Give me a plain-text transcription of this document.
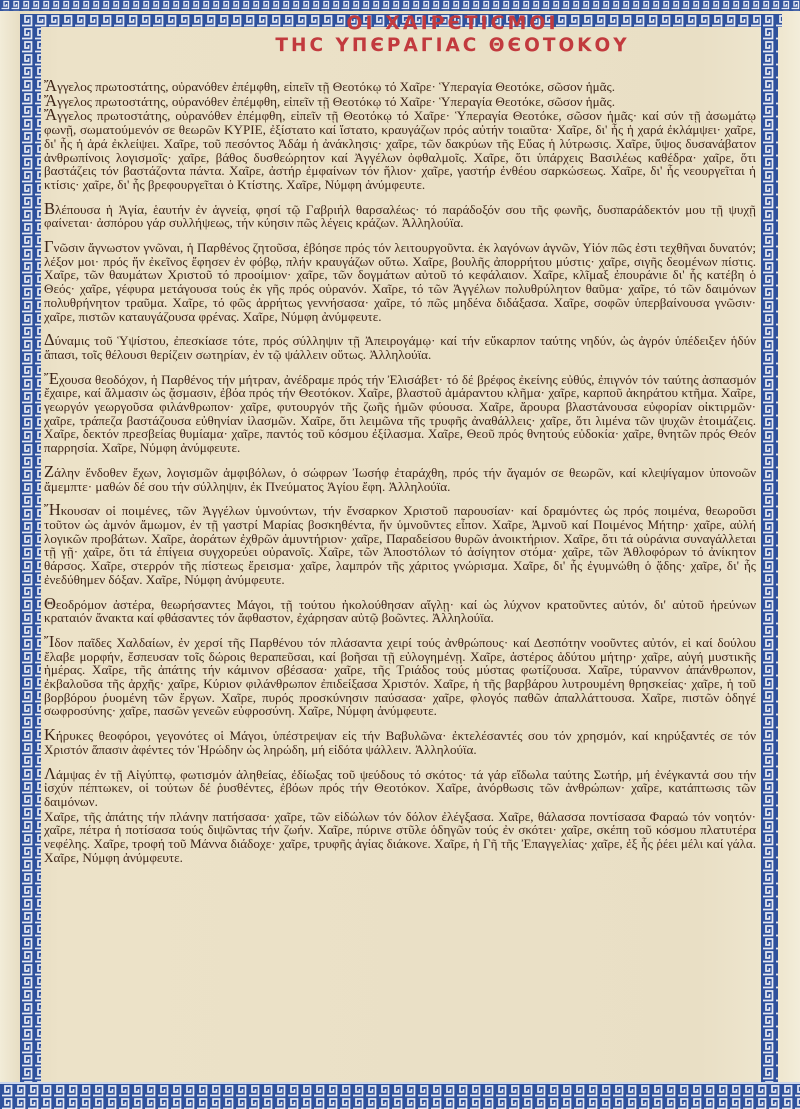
ΟΙ ΧΑΙΡЄΤΙCΜΟΙ
ΤΗC ΥΠЄΡΑΓΙΑC ΘЄΟΤΟΚΟΥ
Ἄγγελος πρωτοστάτης, οὐρανόθεν ἐπέμφθη, εἰπεῖν τῇ Θεοτόκῳ τό Χαῖρε· Ὑπεραγία Θεοτόκε, σῶσον ἡμᾶς.
Ἄγγελος πρωτοστάτης, οὐρανόθεν ἐπέμφθη, εἰπεῖν τῇ Θεοτόκῳ τό Χαῖρε· Ὑπεραγία Θεοτόκε, σῶσον ἡμᾶς.
Ἄγγελος πρωτοστάτης, οὐρανόθεν ἐπέμφθη, εἰπεῖν τῇ Θεοτόκῳ τό Χαῖρε· Ὑπεραγία Θεοτόκε, σῶσον ἡμᾶς· καί σύν τῇ ἀσωμάτῳ φωνῇ, σωματούμενόν σε θεωρῶν ΚΥΡΙΕ, ἐξίστατο καί ἵστατο, κραυγάζων πρός αὐτήν τοιαῦτα· Χαῖρε, δι' ἧς ἡ χαρά ἐκλάμψει· χαῖρε, δι' ἧς ἡ ἀρά ἐκλείψει. Χαῖρε, τοῦ πεσόντος Ἀδάμ ἡ ἀνάκλησις· χαῖρε, τῶν δακρύων τῆς Εὔας ἡ λύτρωσις. Χαῖρε, ὕψος δυσανάβατον ἀνθρωπίνοις λογισμοῖς· χαῖρε, βάθος δυσθεώρητον καί Ἀγγέλων ὀφθαλμοῖς. Χαῖρε, ὅτι ὑπάρχεις Βασιλέως καθέδρα· χαῖρε, ὅτι βαστάζεις τόν βαστάζοντα πάντα. Χαῖρε, ἀστήρ ἐμφαίνων τόν ἥλιον· χαῖρε, γαστήρ ἐνθέου σαρκώσεως. Χαῖρε, δι' ἧς νεουργεῖται ἡ κτίσις· χαῖρε, δι' ἧς βρεφουργεῖται ὁ Κτίστης. Χαῖρε, Νύμφη ἀνύμφευτε.
Βλέπουσα ἡ Ἁγία, ἑαυτήν ἐν ἁγνείᾳ, φησί τῷ Γαβριήλ θαρσαλέως· τό παράδοξόν σου τῆς φωνῆς, δυσπαράδεκτόν μου τῇ ψυχῇ φαίνεται· ἀσπόρου γάρ συλλήψεως, τήν κύησιν πῶς λέγεις κράζων. Ἀλληλούϊα.
Γνῶσιν ἄγνωστον γνῶναι, ἡ Παρθένος ζητοῦσα, ἐβόησε πρός τόν λειτουργοῦντα. ἐκ λαγόνων ἁγνῶν, Υἱόν πῶς ἐστι τεχθῆναι δυνατόν; λέξον μοι· πρός ἥν ἐκεῖνος ἔφησεν ἐν φόβῳ, πλήν κραυγάζων οὕτω. Χαῖρε, βουλῆς ἀπορρήτου μύστις· χαῖρε, σιγῆς δεομένων πίστις. Χαῖρε, τῶν θαυμάτων Χριστοῦ τό προοίμιον· χαῖρε, τῶν δογμάτων αὐτοῦ τό κεφάλαιον. Χαῖρε, κλῖμαξ ἐπουράνιε δι' ἧς κατέβη ὁ Θεός· χαῖρε, γέφυρα μετάγουσα τούς ἐκ γῆς πρός οὐρανόν. Χαῖρε, τό τῶν Ἀγγέλων πολυθρύλητον θαῦμα· χαῖρε, τό τῶν δαιμόνων πολυθρήνητον τραῦμα. Χαῖρε, τό φῶς ἀρρήτως γεννήσασα· χαῖρε, τό πῶς μηδένα διδάξασα. Χαῖρε, σοφῶν ὑπερβαίνουσα γνῶσιν· χαῖρε, πιστῶν καταυγάζουσα φρένας. Χαῖρε, Νύμφη ἀνύμφευτε.
Δύναμις τοῦ Ὑψίστου, ἐπεσκίασε τότε, πρός σύλληψιν τῇ Ἀπειρογάμῳ· καί τήν εὔκαρπον ταύτης νηδύν, ὡς ἀγρόν ὑπέδειξεν ἡδύν ἅπασι, τοῖς θέλουσι θερίζειν σωτηρίαν, ἐν τῷ ψάλλειν οὕτως. Ἀλληλούϊα.
Ἔχουσα θεοδόχον, ἡ Παρθένος τήν μήτραν, ἀνέδραμε πρός τήν Ἐλισάβετ· τό δέ βρέφος ἐκείνης εὐθύς, ἐπιγνόν τόν ταύτης ἀσπασμόν ἔχαιρε, καί ἅλμασιν ὡς ᾄσμασιν, ἐβόα πρός τήν Θεοτόκον. Χαῖρε, βλαστοῦ ἀμάραντου κλῆμα· χαῖρε, καρποῦ ἀκηράτου κτῆμα. Χαῖρε, γεωργόν γεωργοῦσα φιλάνθρωπον· χαῖρε, φυτουργόν τῆς ζωῆς ἡμῶν φύουσα. Χαῖρε, ἄρουρα βλαστάνουσα εὐφορίαν οἰκτιρμῶν· χαῖρε, τράπεζα βαστάζουσα εὐθηνίαν ἱλασμῶν. Χαῖρε, ὅτι λειμῶνα τῆς τρυφῆς ἀναθάλλεις· χαῖρε, ὅτι λιμένα τῶν ψυχῶν ἑτοιμάζεις. Χαῖρε, δεκτόν πρεσβείας θυμίαμα· χαῖρε, παντός τοῦ κόσμου ἐξίλασμα. Χαῖρε, Θεοῦ πρός θνητούς εὐδοκία· χαῖρε, θνητῶν πρός Θεόν παρρησία. Χαῖρε, Νύμφη ἀνύμφευτε.
Ζάλην ἔνδοθεν ἔχων, λογισμῶν ἀμφιβόλων, ὁ σώφρων Ἰωσήφ ἐταράχθη, πρός τήν ἄγαμόν σε θεωρῶν, καί κλεψίγαμον ὑπονοῶν ἄμεμπτε· μαθών δέ σου τήν σύλληψιν, ἐκ Πνεύματος Ἁγίου ἔφη. Ἀλληλούϊα.
Ἤκουσαν οἱ ποιμένες, τῶν Ἀγγέλων ὑμνούντων, τήν ἔνσαρκον Χριστοῦ παρουσίαν· καί δραμόντες ὡς πρός ποιμένα, θεωροῦσι τοῦτον ὡς ἀμνόν ἄμωμον, ἐν τῇ γαστρί Μαρίας βοσκηθέντα, ἥν ὑμνοῦντες εἶπον. Χαῖρε, Ἀμνοῦ καί Ποιμένος Μήτηρ· χαῖρε, αὐλή λογικῶν προβάτων. Χαῖρε, ἀοράτων ἐχθρῶν ἀμυντήριον· χαῖρε, Παραδείσου θυρῶν ἀνοικτήριον. Χαῖρε, ὅτι τά οὐράνια συναγάλλεται τῇ γῇ· χαῖρε, ὅτι τά ἐπίγεια συγχορεύει οὐρανοῖς. Χαῖρε, τῶν Ἀποστόλων τό ἀσίγητον στόμα· χαῖρε, τῶν Ἀθλοφόρων τό ἀνίκητον θάρσος. Χαῖρε, στερρόν τῆς πίστεως ἔρεισμα· χαῖρε, λαμπρόν τῆς χάριτος γνώρισμα. Χαῖρε, δι' ἧς ἐγυμνώθη ὁ ᾅδης· χαῖρε, δι' ἧς ἐνεδύθημεν δόξαν. Χαῖρε, Νύμφη ἀνύμφευτε.
Θεοδρόμον ἀστέρα, θεωρήσαντες Μάγοι, τῇ τούτου ἠκολούθησαν αἴγλῃ· καί ὡς λύχνον κρατοῦντες αὐτόν, δι' αὐτοῦ ἠρεύνων κραταιόν ἄνακτα καί φθάσαντες τόν ἄφθαστον, ἐχάρησαν αὐτῷ βοῶντες. Ἀλληλούϊα.
Ἴδον παῖδες Χαλδαίων, ἐν χερσί τῆς Παρθένου τόν πλάσαντα χειρί τούς ἀνθρώπους· καί Δεσπότην νοοῦντες αὐτόν, εἰ καί δούλου ἔλαβε μορφήν, ἔσπευσαν τοῖς δώροις θεραπεῦσαι, καί βοῆσαι τῇ εὐλογημένῃ. Χαῖρε, ἀστέρος ἀδύτου μήτηρ· χαῖρε, αὐγή μυστικῆς ἡμέρας. Χαῖρε, τῆς ἀπάτης τήν κάμινον σβέσασα· χαῖρε, τῆς Τριάδος τούς μύστας φωτίζουσα. Χαῖρε, τύραννον ἀπάνθρωπον, ἐκβαλοῦσα τῆς ἀρχῆς· χαῖρε, Κύριον φιλάνθρωπον ἐπιδείξασα Χριστόν. Χαῖρε, ἡ τῆς βαρβάρου λυτρουμένη θρησκείας· χαῖρε, ἡ τοῦ βορβόρου ῥυομένη τῶν ἔργων. Χαῖρε, πυρός προσκύνησιν παύσασα· χαῖρε, φλογός παθῶν ἀπαλλάττουσα. Χαῖρε, πιστῶν ὁδηγέ σωφροσύνης· χαῖρε, πασῶν γενεῶν εὐφροσύνη. Χαῖρε, Νύμφη ἀνύμφευτε.
Κήρυκες θεοφόροι, γεγονότες οἱ Μάγοι, ὑπέστρεψαν εἰς τήν Βαβυλῶνα· ἐκτελέσαντές σου τόν χρησμόν, καί κηρύξαντές σε τόν Χριστόν ἅπασιν ἀφέντες τόν Ἡρώδην ὡς ληρώδη, μή εἰδότα ψάλλειν. Ἀλληλούϊα.
Λάμψας ἐν τῇ Αἰγύπτῳ, φωτισμόν ἀληθείας, ἐδίωξας τοῦ ψεύδους τό σκότος· τά γάρ εἴδωλα ταύτης Σωτήρ, μή ἐνέγκαντά σου τήν ἰσχύν πέπτωκεν, οἱ τούτων δέ ῥυσθέντες, ἐβόων πρός τήν Θεοτόκον. Χαῖρε, ἀνόρθωσις τῶν ἀνθρώπων· χαῖρε, κατάπτωσις τῶν δαιμόνων.
Χαῖρε, τῆς ἀπάτης τήν πλάνην πατήσασα· χαῖρε, τῶν εἰδώλων τόν δόλον ἐλέγξασα. Χαῖρε, θάλασσα ποντίσασα Φαραώ τόν νοητόν· χαῖρε, πέτρα ἡ ποτίσασα τούς διψῶντας τήν ζωήν. Χαῖρε, πύρινε στῦλε ὁδηγῶν τούς ἐν σκότει· χαῖρε, σκέπη τοῦ κόσμου πλατυτέρα νεφέλης. Χαῖρε, τροφή τοῦ Μάννα διάδοχε· χαῖρε, τρυφῆς ἁγίας διάκονε. Χαῖρε, ἡ Γῆ τῆς Ἐπαγγελίας· χαῖρε, ἐξ ἧς ῥέει μέλι καί γάλα. Χαῖρε, Νύμφη ἀνύμφευτε.
